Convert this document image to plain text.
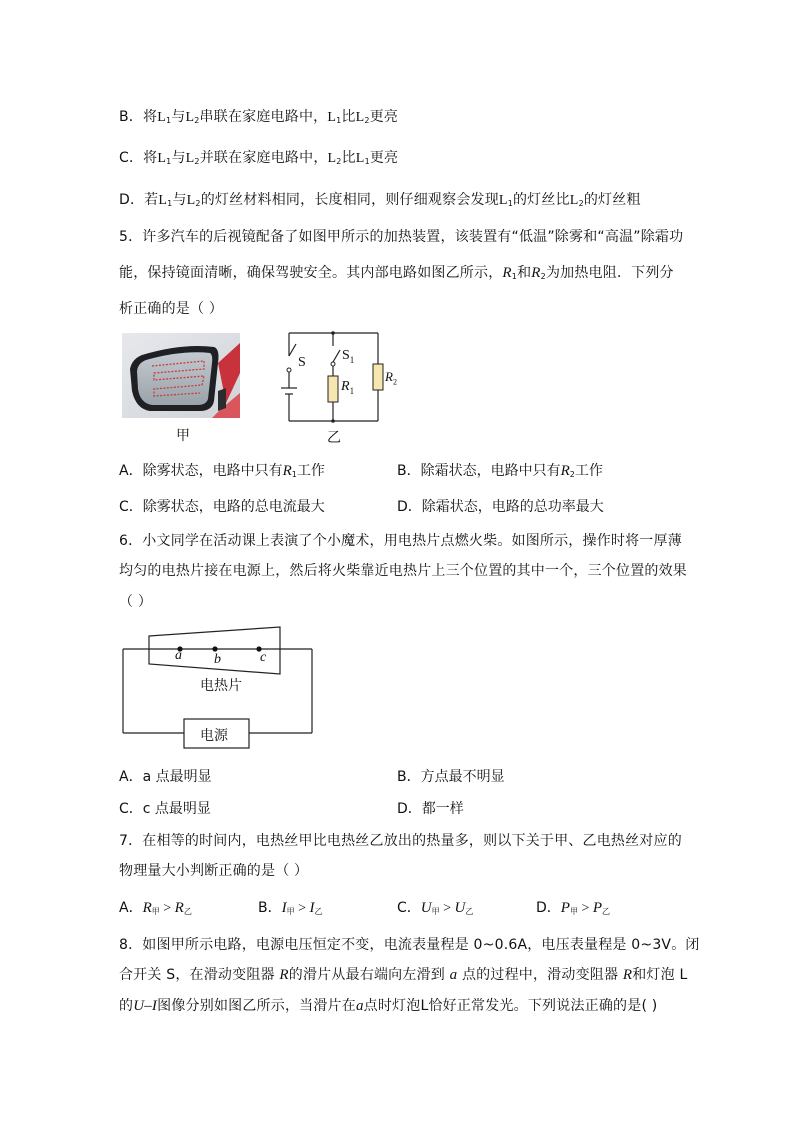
B．将$L_1$与$L_2$串联在家庭电路中，$L_1$比$L_2$更亮
C．将$L_1$与$L_2$并联在家庭电路中，$L_2$比$L_1$更亮
D．若$L_1$与$L_2$的灯丝材料相同，长度相同，则仔细观察会发现$L_1$的灯丝比$L_2$的灯丝粗
5．许多汽车的后视镜配备了如图甲所示的加热装置，该装置有“低温”除雾和“高温”除霜功
能，保持镜面清晰，确保驾驶安全。其内部电路如图乙所示，$R_1$和$R_2$为加热电阻．下列分
析正确的是（ ）
甲
S	$S_1$
$R_1$
$R_2$
乙
A．除雾状态，电路中只有$R_1$工作	B．除霜状态，电路中只有$R_2$工作
C．除雾状态，电路的总电流最大	D．除霜状态，电路的总功率最大
6．小文同学在活动课上表演了个小魔术，用电热片点燃火柴。如图所示，操作时将一厚薄
均匀的电热片接在电源上，然后将火柴靠近电热片上三个位置的其中一个，三个位置的效果
（ ）
a b	c
电热片
电源
A．a 点最明显	B．方点最不明显
C．c 点最明显	D．都一样
7．在相等的时间内，电热丝甲比电热丝乙放出的热量多，则以下关于甲、乙电热丝对应的
物理量大小判断正确的是（ ）
A．$R_甲 > R_乙$	B．$I_甲 > I_乙$	C．$U_甲 > U_乙$	D．$P_甲 > P_乙$
8．如图甲所示电路，电源电压恒定不变，电流表量程是 0~0.6A，电压表量程是 0~3V。闭
合开关 S，在滑动变阻器 R的滑片从最右端向左滑到 a 点的过程中，滑动变阻器 R和灯泡 L
的U–I图像分别如图乙所示，当滑片在a点时灯泡L恰好正常发光。下列说法正确的是( )
